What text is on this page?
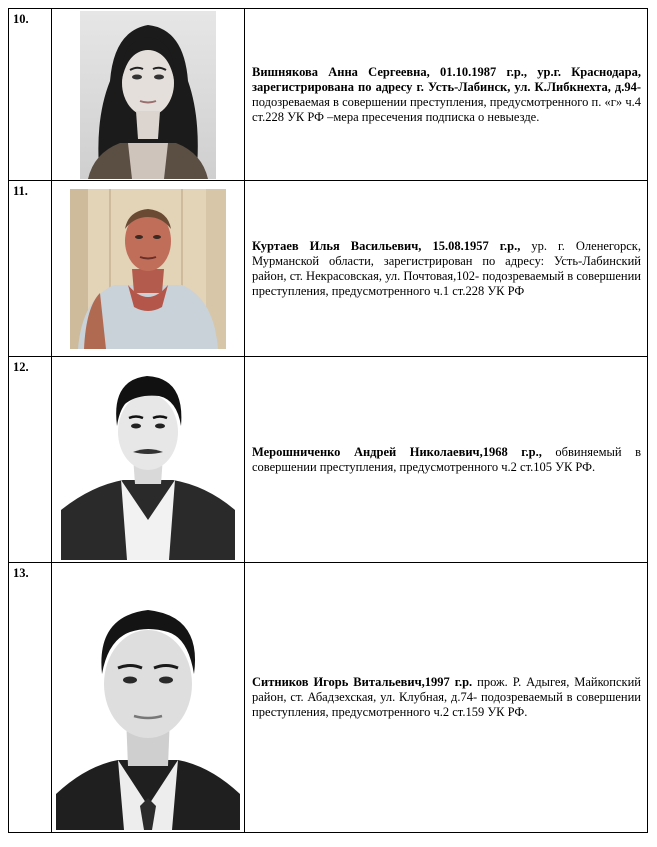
10.		Вишнякова Анна Сергеевна, 01.10.1987 г.р., ур.г. Краснодара, зарегистрирована по адресу г. Усть-Лабинск, ул. К.Либкнехта, д.94- подозреваемая в совершении преступления, предусмотренного п. «г» ч.4 ст.228 УК РФ –мера пресечения подписка о невыезде.
11.		Куртаев Илья Васильевич, 15.08.1957 г.р., ур. г. Оленегорск, Мурманской области, зарегистрирован по адресу: Усть-Лабинский район, ст. Некрасовская, ул. Почтовая,102- подозреваемый в совершении преступления, предусмотренного ч.1 ст.228 УК РФ
12.		Мерошниченко Андрей Николаевич,1968 г.р., обвиняемый в совершении преступления, предусмотренного ч.2 ст.105 УК РФ.
13.		Ситников Игорь Витальевич,1997 г.р. прож. Р. Адыгея, Майкопский район, ст. Абадзехская, ул. Клубная, д.74- подозреваемый в совершении преступления, предусмотренного ч.2 ст.159 УК РФ.
